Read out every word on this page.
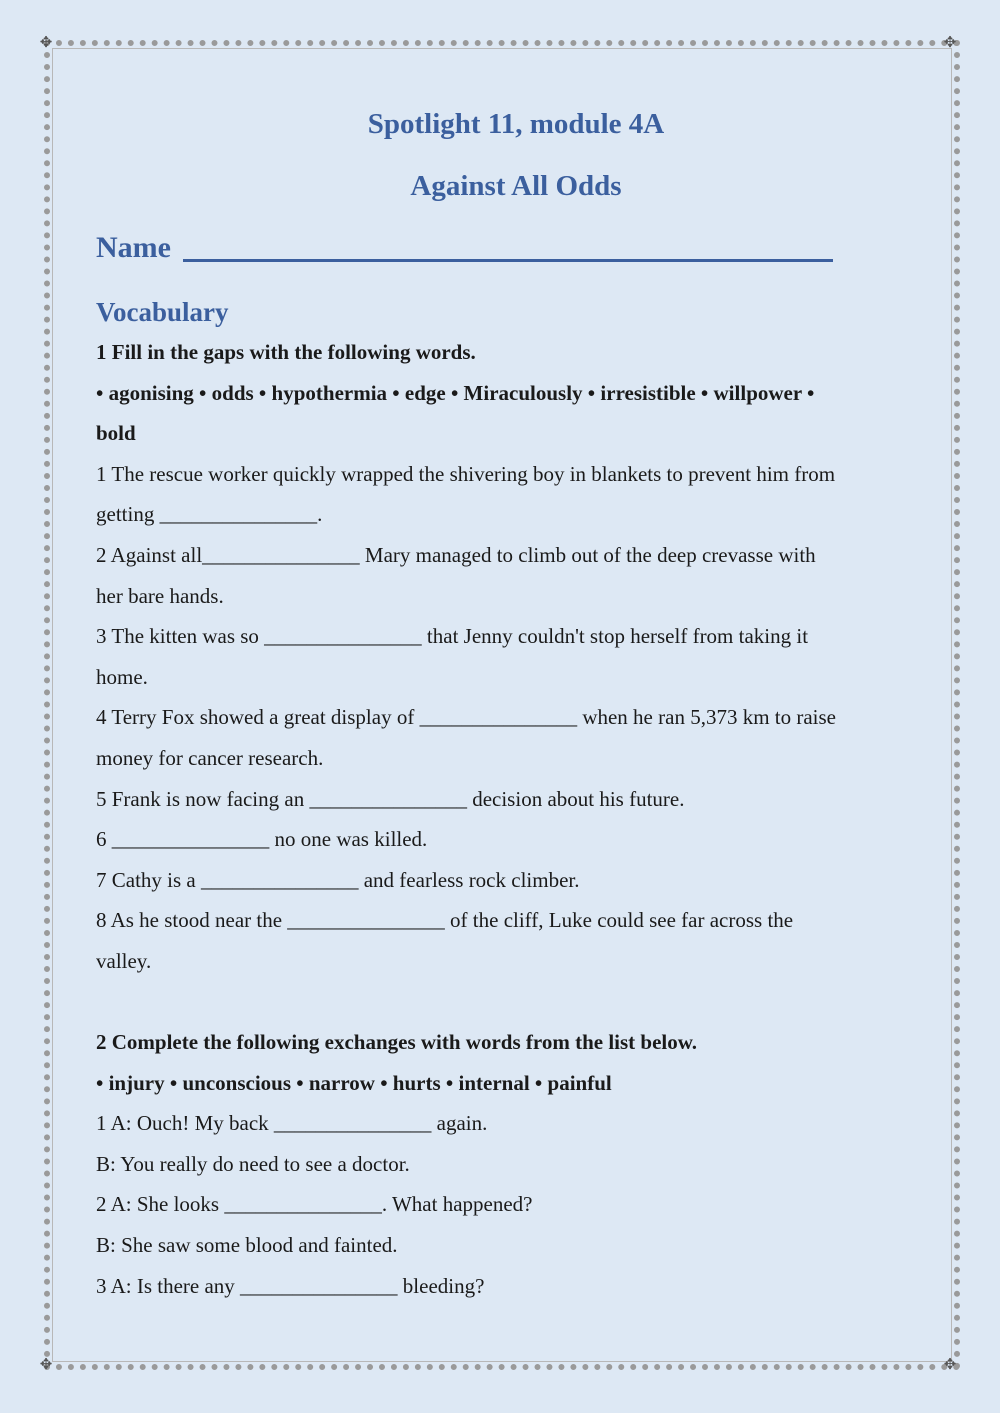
✥	✥
✥	✥
Spotlight 11, module 4A
Against All Odds
Name
Vocabulary
1 Fill in the gaps with the following words.
• agonising • odds • hypothermia • edge • Miraculously • irresistible • willpower •
bold
1 The rescue worker quickly wrapped the shivering boy in blankets to prevent him from
getting _______________.
2 Against all_______________ Mary managed to climb out of the deep crevasse with
her bare hands.
3 The kitten was so _______________ that Jenny couldn't stop herself from taking it
home.
4 Terry Fox showed a great display of _______________ when he ran 5,373 km to raise
money for cancer research.
5 Frank is now facing an _______________ decision about his future.
6 _______________ no one was killed.
7 Cathy is a _______________ and fearless rock climber.
8 As he stood near the _______________ of the cliff, Luke could see far across the
valley.
2 Complete the following exchanges with words from the list below.
• injury • unconscious • narrow • hurts • internal • painful
1 A: Ouch! My back _______________ again.
B: You really do need to see a doctor.
2 A: She looks _______________. What happened?
B: She saw some blood and fainted.
3 A: Is there any _______________ bleeding?
